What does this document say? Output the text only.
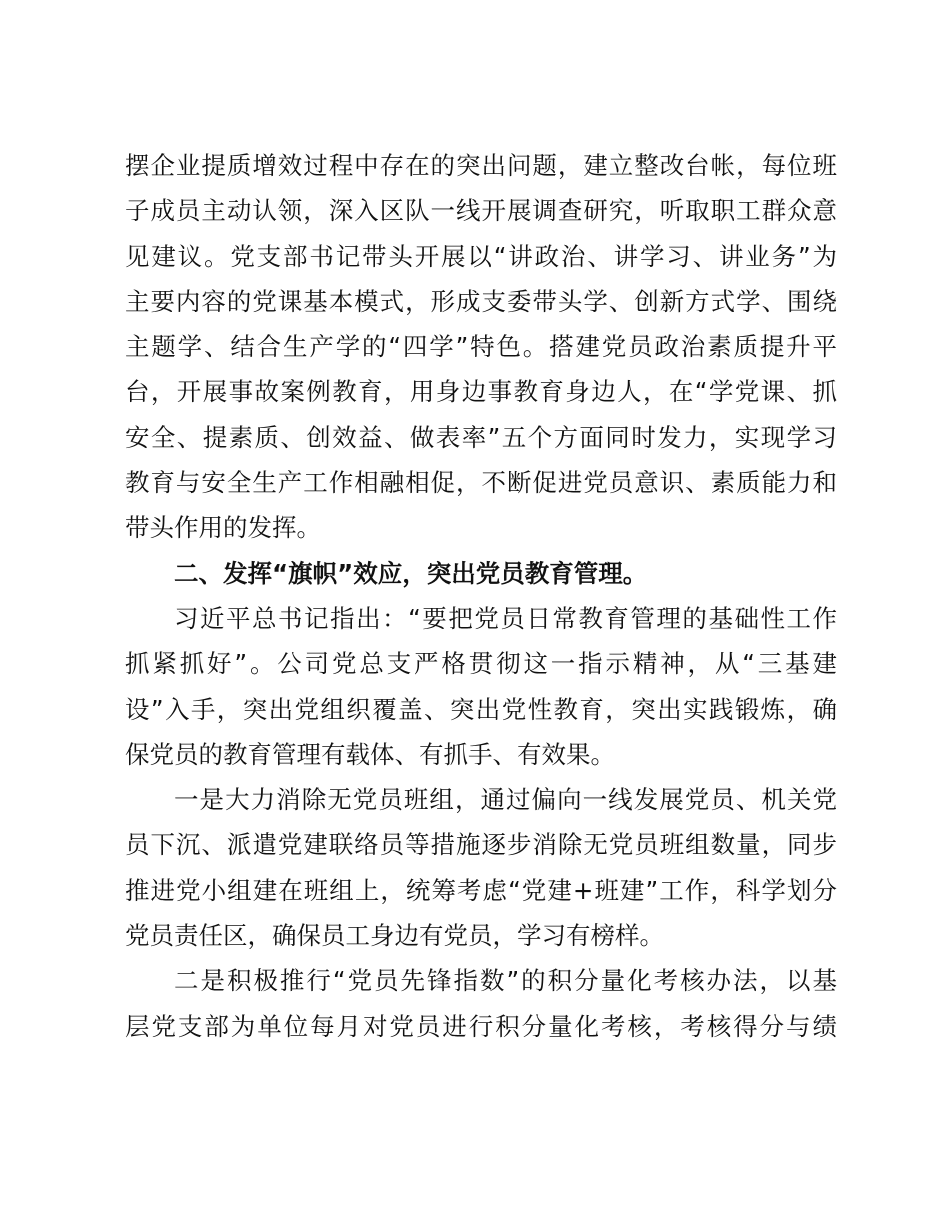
摆企业提质增效过程中存在的突出问题，建立整改台帐，每位班
子成员主动认领，深入区队一线开展调查研究，听取职工群众意
见建议。党支部书记带头开展以“讲政治、讲学习、讲业务”为
主要内容的党课基本模式，形成支委带头学、创新方式学、围绕
主题学、结合生产学的“四学”特色。搭建党员政治素质提升平
台，开展事故案例教育，用身边事教育身边人，在“学党课、抓
安全、提素质、创效益、做表率”五个方面同时发力，实现学习
教育与安全生产工作相融相促，不断促进党员意识、素质能力和
带头作用的发挥。
二、发挥“旗帜”效应，突出党员教育管理。
习近平总书记指出：“要把党员日常教育管理的基础性工作
抓紧抓好”。公司党总支严格贯彻这一指示精神，从“三基建
设”入手，突出党组织覆盖、突出党性教育，突出实践锻炼，确
保党员的教育管理有载体、有抓手、有效果。
一是大力消除无党员班组，通过偏向一线发展党员、机关党
员下沉、派遣党建联络员等措施逐步消除无党员班组数量，同步
推进党小组建在班组上，统筹考虑“党建+班建”工作，科学划分
党员责任区，确保员工身边有党员，学习有榜样。
二是积极推行“党员先锋指数”的积分量化考核办法，以基
层党支部为单位每月对党员进行积分量化考核，考核得分与绩
